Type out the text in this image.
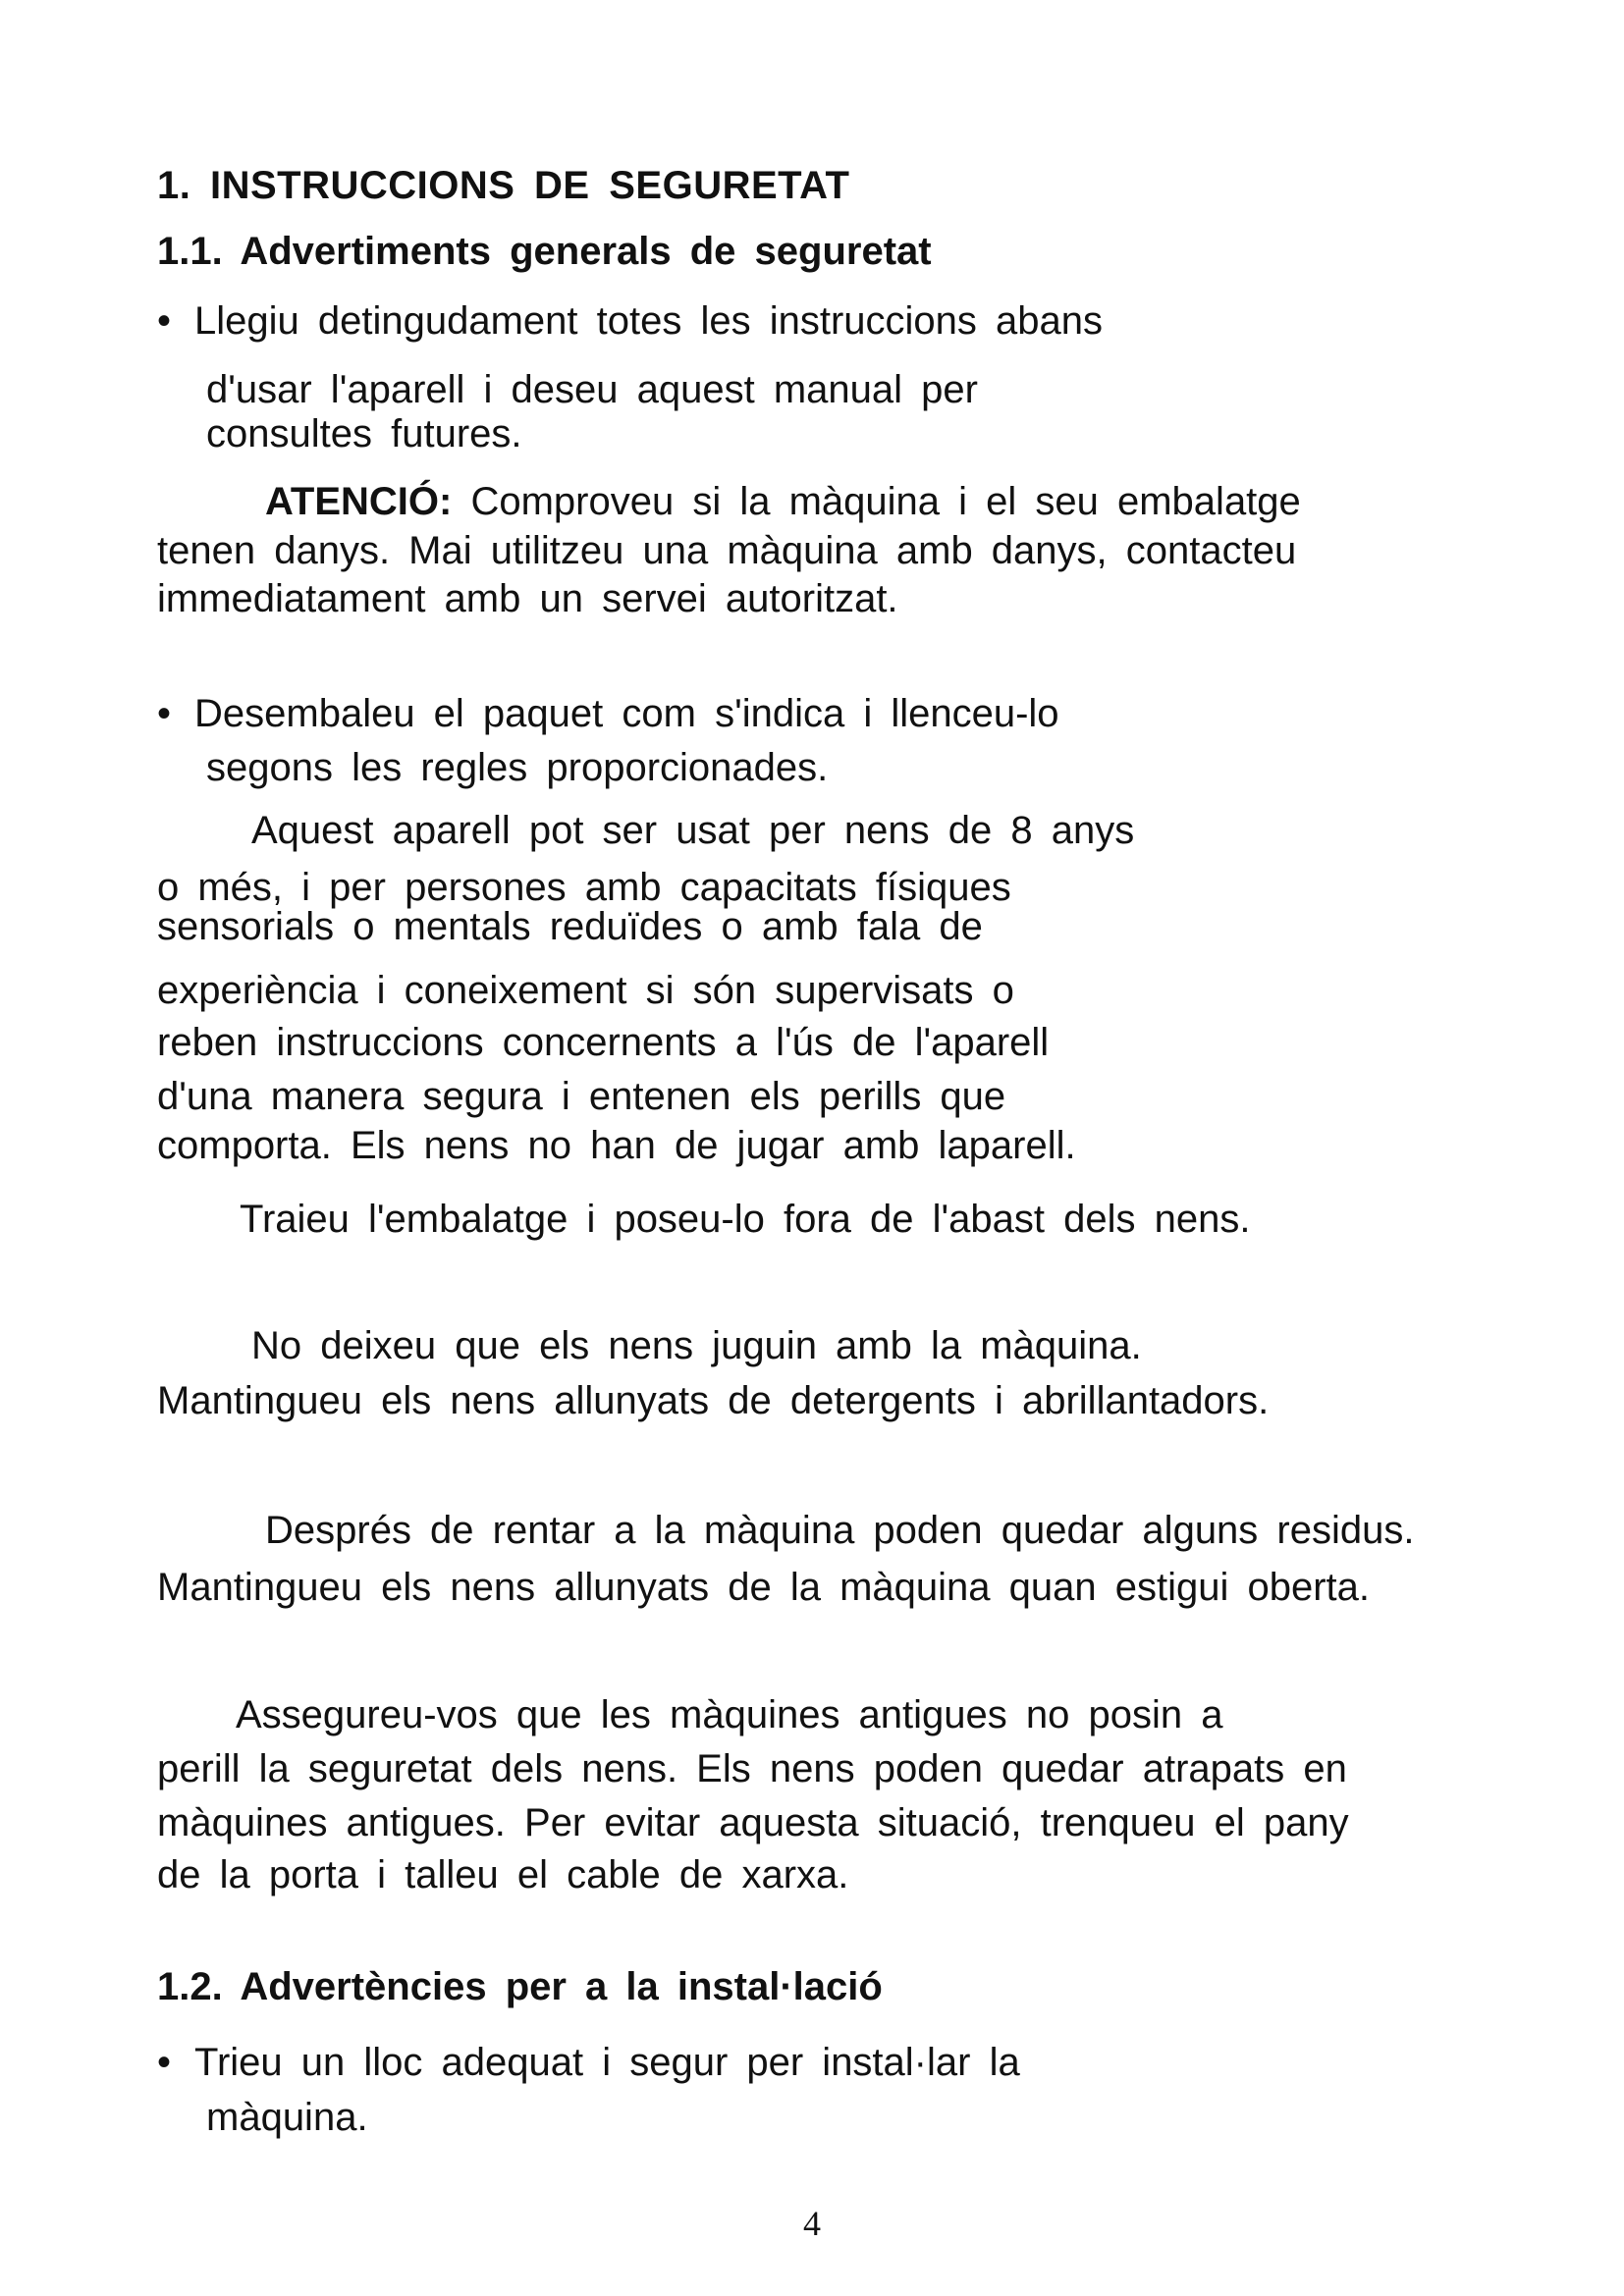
1. INSTRUCCIONS DE SEGURETAT
1.1. Advertiments generals de seguretat
• Llegiu detingudament totes les instruccions abans
d'usar l'aparell i deseu aquest manual per
consultes futures.
ATENCIÓ: Comproveu si la màquina i el seu embalatge
tenen danys. Mai utilitzeu una màquina amb danys, contacteu
immediatament amb un servei autoritzat.
• Desembaleu el paquet com s'indica i llenceu-lo
segons les regles proporcionades.
Aquest aparell pot ser usat per nens de 8 anys
o més, i per persones amb capacitats físiques
sensorials o mentals reduïdes o amb fala de
experiència i coneixement si són supervisats o
reben instruccions concernents a l'ús de l'aparell
d'una manera segura i entenen els perills que
comporta. Els nens no han de jugar amb laparell.
Traieu l'embalatge i poseu-lo fora de l'abast dels nens.
No deixeu que els nens juguin amb la màquina.
Mantingueu els nens allunyats de detergents i abrillantadors.
Després de rentar a la màquina poden quedar alguns residus.
Mantingueu els nens allunyats de la màquina quan estigui oberta.
Assegureu-vos que les màquines antigues no posin a
perill la seguretat dels nens. Els nens poden quedar atrapats en
màquines antigues. Per evitar aquesta situació, trenqueu el pany
de la porta i talleu el cable de xarxa.
1.2. Advertències per a la instal·lació
• Trieu un lloc adequat i segur per instal·lar la
màquina.
4
